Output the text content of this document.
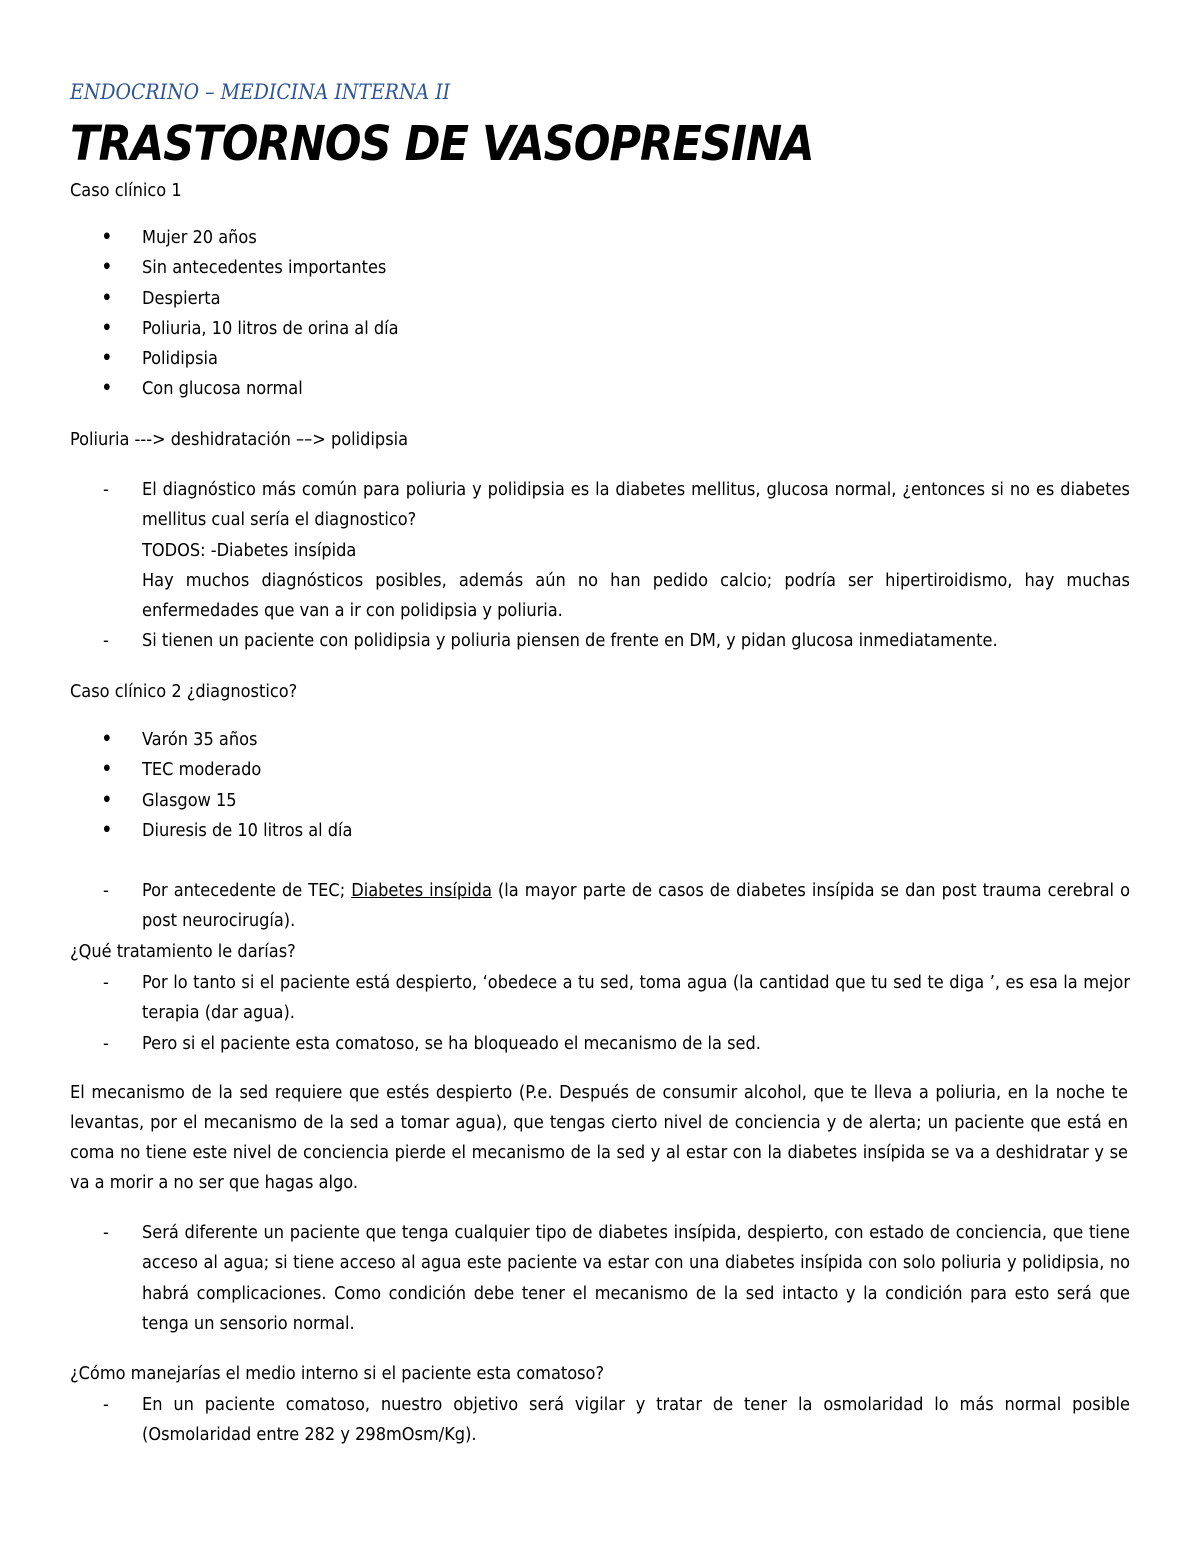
ENDOCRINO – MEDICINA INTERNA II

TRASTORNOS DE VASOPRESINA

Caso clínico 1

• Mujer 20 años
• Sin antecedentes importantes
• Despierta
• Poliuria, 10 litros de orina al día
• Polidipsia
• Con glucosa normal

Poliuria ---> deshidratación ––> polidipsia

- El diagnóstico más común para poliuria y polidipsia es la diabetes mellitus, glucosa normal, ¿entonces si no es diabetes mellitus cual sería el diagnostico?
TODOS: -Diabetes insípida
Hay muchos diagnósticos posibles, además aún no han pedido calcio; podría ser hipertiroidismo, hay muchas enfermedades que van a ir con polidipsia y poliuria.
- Si tienen un paciente con polidipsia y poliuria piensen de frente en DM, y pidan glucosa inmediatamente.

Caso clínico 2 ¿diagnostico?

• Varón 35 años
• TEC moderado
• Glasgow 15
• Diuresis de 10 litros al día
- Por antecedente de TEC; Diabetes insípida (la mayor parte de casos de diabetes insípida se dan post trauma cerebral o post neurocirugía).

¿Qué tratamiento le darías?

- Por lo tanto si el paciente está despierto, ‘obedece a tu sed, toma agua (la cantidad que tu sed te diga ’, es esa la mejor terapia (dar agua).
- Pero si el paciente esta comatoso, se ha bloqueado el mecanismo de la sed.

El mecanismo de la sed requiere que estés despierto (P.e. Después de consumir alcohol, que te lleva a poliuria, en la noche te levantas, por el mecanismo de la sed a tomar agua), que tengas cierto nivel de conciencia y de alerta; un paciente que está en coma no tiene este nivel de conciencia pierde el mecanismo de la sed y al estar con la diabetes insípida se va a deshidratar y se va a morir a no ser que hagas algo.

- Será diferente un paciente que tenga cualquier tipo de diabetes insípida, despierto, con estado de conciencia, que tiene acceso al agua; si tiene acceso al agua este paciente va estar con una diabetes insípida con solo poliuria y polidipsia, no habrá complicaciones. Como condición debe tener el mecanismo de la sed intacto y la condición para esto será que tenga un sensorio normal.

¿Cómo manejarías el medio interno si el paciente esta comatoso?

- En un paciente comatoso, nuestro objetivo será vigilar y tratar de tener la osmolaridad lo más normal posible (Osmolaridad entre 282 y 298mOsm/Kg).
